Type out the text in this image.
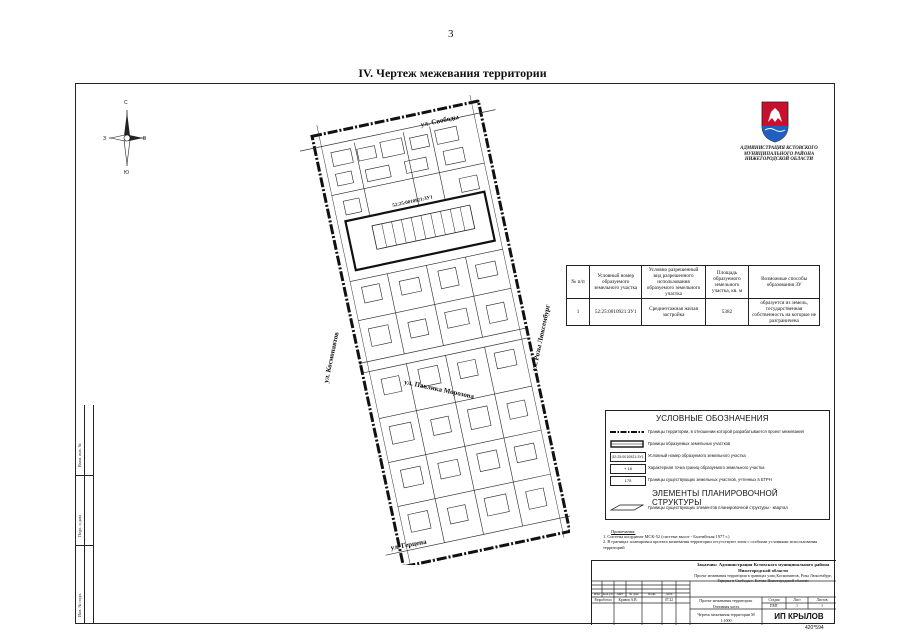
3
IV. Чертеж межевания территории
С
Ю
З	В
АДМИНИСТРАЦИЯ КСТОВСКОГО МУНИЦИПАЛЬНОГО РАЙОНА НИЖЕГОРОДСКОЙ ОБЛАСТИ
ул. Свободы
ул. Космонавтов
ул. Павлика Морозова
ул. Розы Люксембург
ул. Герцена
52:25:0010921:ЗУ1
№ п/п	Условный номер образуемого земельного участка	Условно разрешенный вид разрешенного использования образуемого земельного участка	Площадь образуемого земельного участка, кв. м	Возможные способы образования ЗУ
1	52:25:0010921:ЗУ1	Среднеэтажная жилая застройка	5382	образуется из земель, государственная собственность на которые не разграничена
УСЛОВНЫЕ ОБОЗНАЧЕНИЯ
Границы территории, в отношении которой разрабатывается проект межевания
Границы образуемых земельных участков
52:25:0010921:ЗУ1	Условный номер образуемого земельного участка
+ 16	Характерная точка границ образуемого земельного участка
175	Границы существующих земельных участков, учтенных в ЕГРН
ЭЛЕМЕНТЫ ПЛАНИРОВОЧНОЙ СТРУКТУРЫ
Границы существующих элементов планировочной структуры - квартал
Примечания:
1. Система координат МСК-52 (система высот - Балтийская 1977 г.)
2. В границах планировки проекта межевания территории отсутствуют зоны с особыми условиями использования территорий
Взам. инв. №
Подп. и дата
Инв. № подл.
Заказчик: Администрация Кстовского муниципального района Нижегородской области
Проект межевания территории в границах улиц Космонавтов, Розы Люксембург, Герцена и Свободы г. Кстово Нижегородской области
Изм. Кол.уч. Лист	№ док.	Подп.	Дата
Разработал	Кривов А.В.	07.22	Проект межевания территории. Основная часть
Стадия	Лист	Листов
ПМТ	1	1
Чертеж межевания территории М 1:1000	ИП КРЫЛОВ
420*594
